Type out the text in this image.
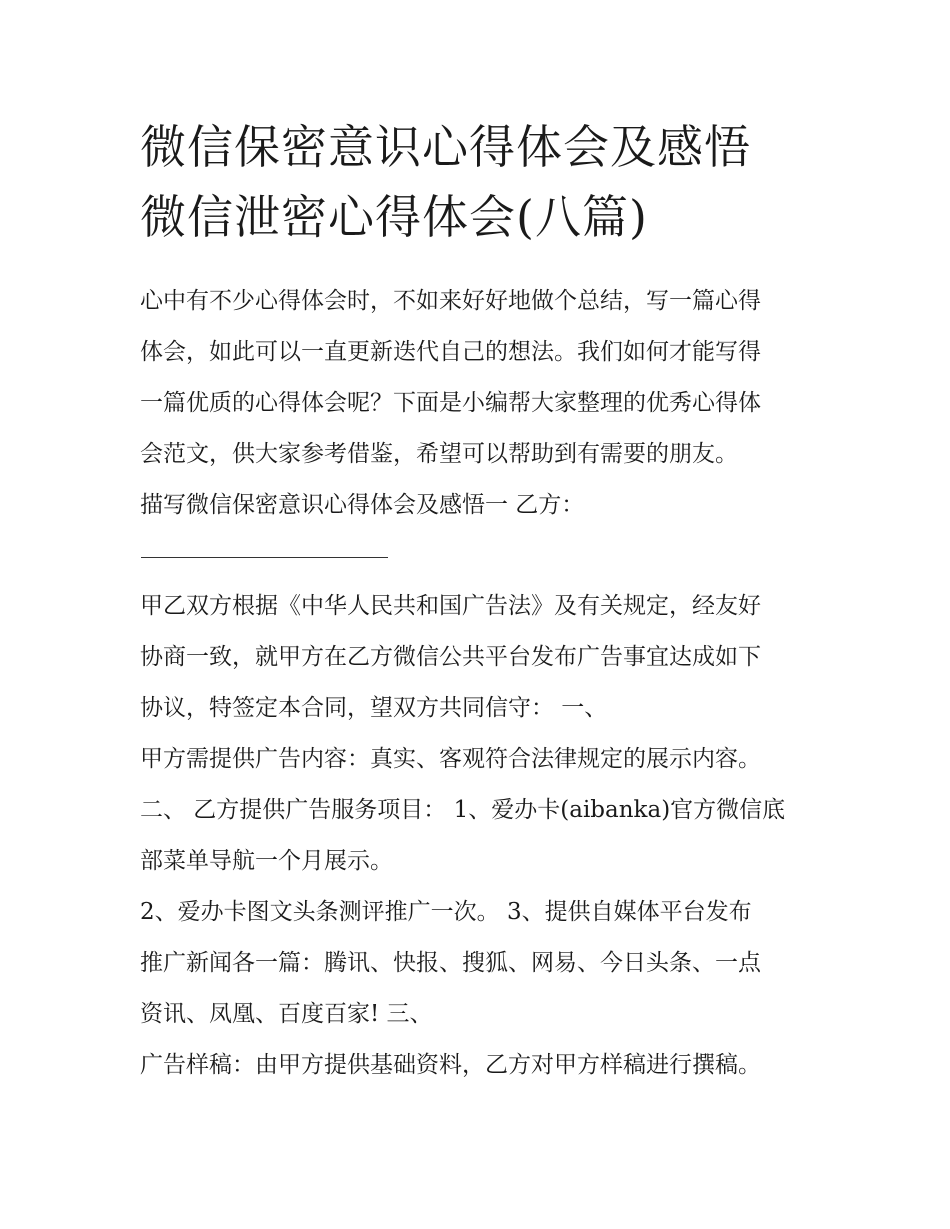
微信保密意识心得体会及感悟
微信泄密心得体会(八篇)
心中有不少心得体会时，不如来好好地做个总结，写一篇心得
体会，如此可以一直更新迭代自己的想法。我们如何才能写得
一篇优质的心得体会呢？下面是小编帮大家整理的优秀心得体
会范文，供大家参考借鉴，希望可以帮助到有需要的朋友。
描写微信保密意识心得体会及感悟一 乙方：
甲乙双方根据《中华人民共和国广告法》及有关规定，经友好
协商一致，就甲方在乙方微信公共平台发布广告事宜达成如下
协议，特签定本合同，望双方共同信守： 一、
甲方需提供广告内容：真实、客观符合法律规定的展示内容。
二、 乙方提供广告服务项目： 1、爱办卡(aibanka)官方微信底
部菜单导航一个月展示。
2、爱办卡图文头条测评推广一次。 3、提供自媒体平台发布
推广新闻各一篇：腾讯、快报、搜狐、网易、今日头条、一点
资讯、凤凰、百度百家! 三、
广告样稿：由甲方提供基础资料，乙方对甲方样稿进行撰稿。
